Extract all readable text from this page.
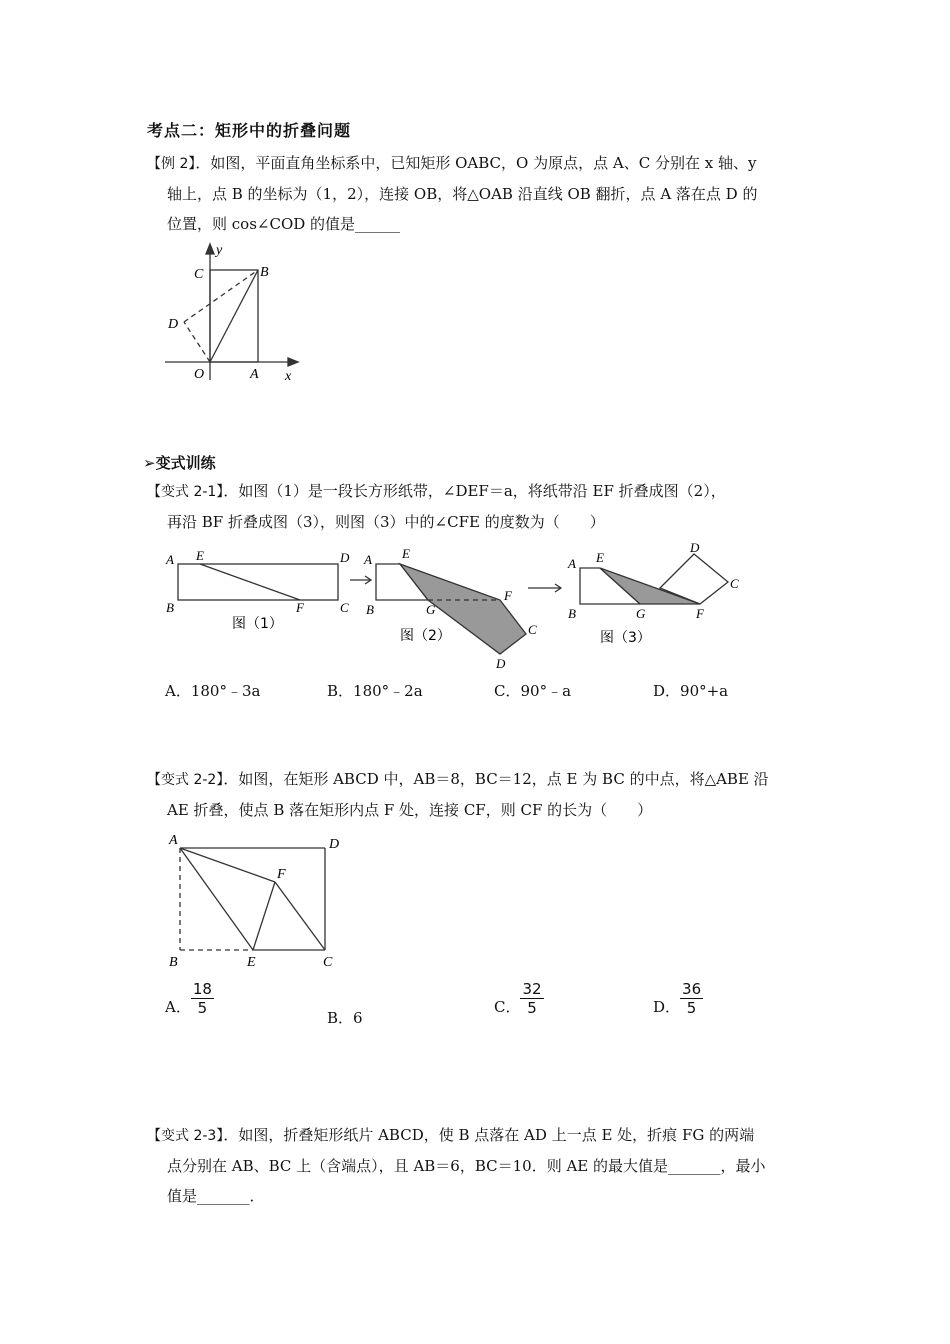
考点二：矩形中的折叠问题
【例 2】．如图，平面直角坐标系中，已知矩形 OABC，O 为原点，点 A、C 分别在 x 轴、y
轴上，点 B 的坐标为（1，2），连接 OB，将△OAB 沿直线 OB 翻折，点 A 落在点 D 的
位置，则 cos∠COD 的值是______
y
x
C	B
D
O	A
➢变式训练
【变式 2-1】．如图（1）是一段长方形纸带，∠DEF＝a，将纸带沿 EF 折叠成图（2），
再沿 BF 折叠成图（3），则图（3）中的∠CFE 的度数为（　　）
A E	D
B	F	C
图（1）
A E
B	G
F
C
D
图（2）
A E
B	G	F
D
C
图（3）
A．180°﹣3a	B．180°﹣2a	C．90°﹣a	D．90°+a
【变式 2-2】．如图，在矩形 ABCD 中，AB＝8，BC＝12，点 E 为 BC 的中点，将△ABE 沿
AE 折叠，使点 B 落在矩形内点 F 处，连接 CF，则 CF 的长为（　　）
A	D
F
B	E	C
A． $\frac{18}{5}$
B．6
C． $\frac{32}{5}$	D． $\frac{36}{5}$
【变式 2-3】．如图，折叠矩形纸片 ABCD，使 B 点落在 AD 上一点 E 处，折痕 FG 的两端
点分别在 AB、BC 上（含端点），且 AB＝6，BC＝10．则 AE 的最大值是_______，最小
值是_______．
